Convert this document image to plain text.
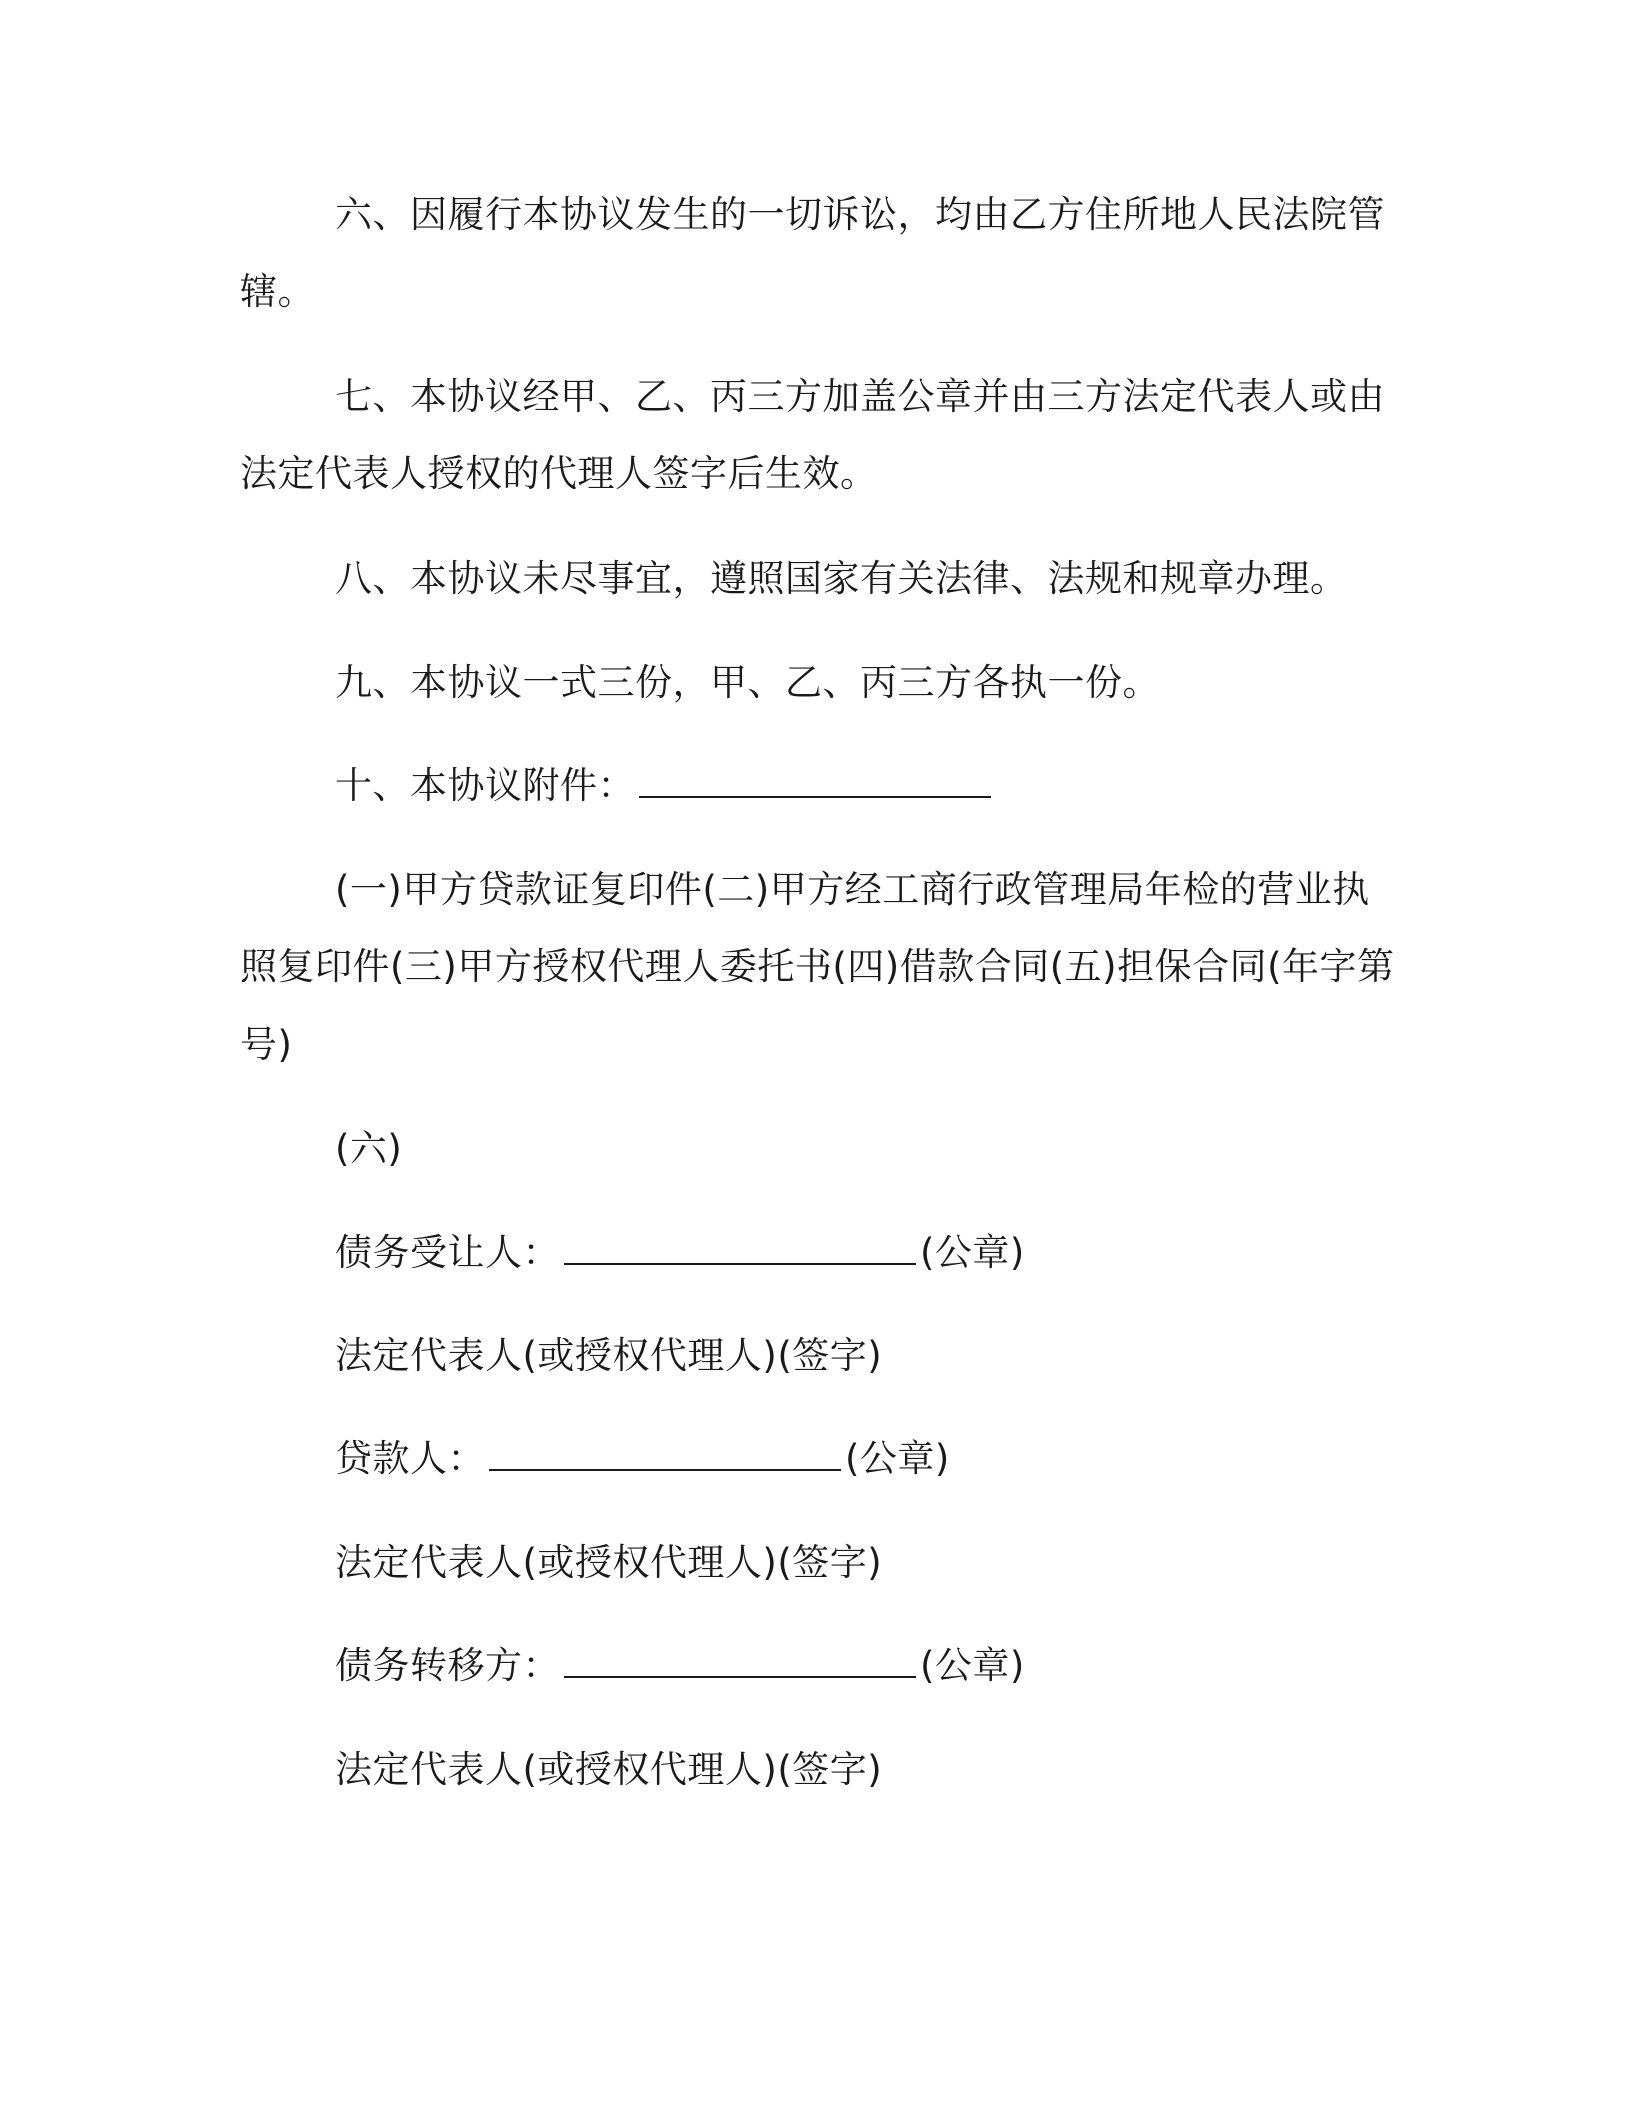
六、因履行本协议发生的一切诉讼，均由乙方住所地人民法院管
辖。
七、本协议经甲、乙、丙三方加盖公章并由三方法定代表人或由
法定代表人授权的代理人签字后生效。
八、本协议未尽事宜，遵照国家有关法律、法规和规章办理。
九、本协议一式三份，甲、乙、丙三方各执一份。
十、本协议附件：
(一)甲方贷款证复印件(二)甲方经工商行政管理局年检的营业执
照复印件(三)甲方授权代理人委托书(四)借款合同(五)担保合同(年字第
号)
(六)
债务受让人：	(公章)
法定代表人(或授权代理人)(签字)
贷款人：	(公章)
法定代表人(或授权代理人)(签字)
债务转移方：	(公章)
法定代表人(或授权代理人)(签字)
